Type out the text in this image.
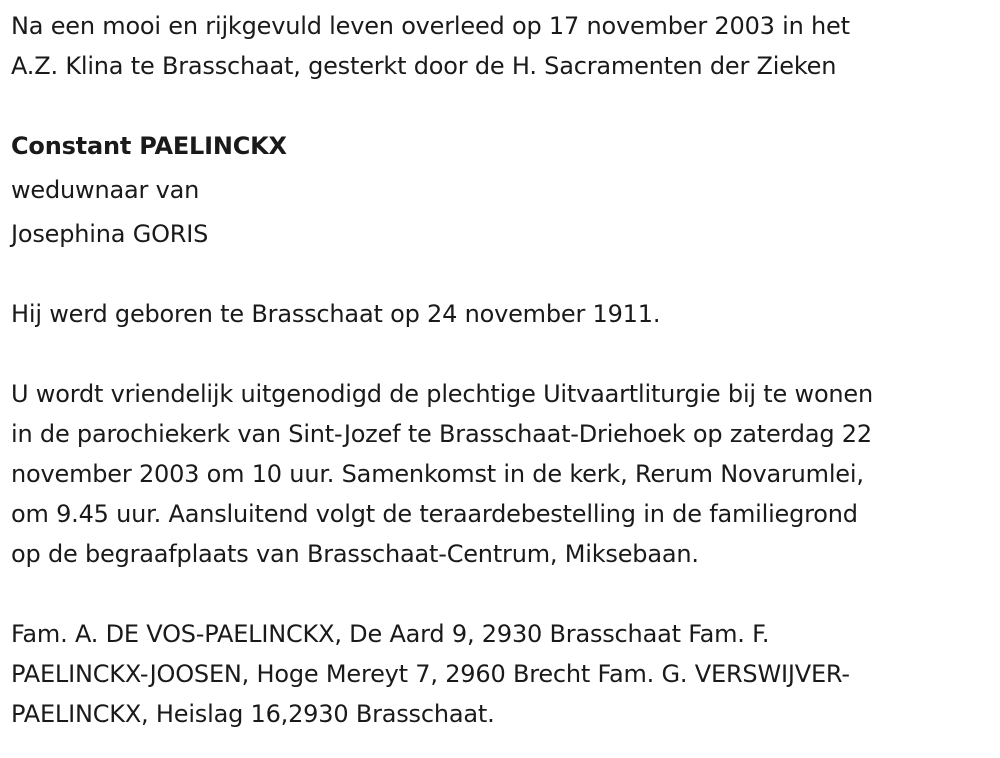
Na een mooi en rijkgevuld leven overleed op 17 november 2003 in het

A.Z. Klina te Brasschaat, gesterkt door de H. Sacramenten der Zieken

Constant PAELINCKX

weduwnaar van

Josephina GORIS

Hij werd geboren te Brasschaat op 24 november 1911.

U wordt vriendelijk uitgenodigd de plechtige Uitvaartliturgie bij te wonen

in de parochiekerk van Sint-Jozef te Brasschaat-Driehoek op zaterdag 22

november 2003 om 10 uur. Samenkomst in de kerk, Rerum Novarumlei,

om 9.45 uur. Aansluitend volgt de teraardebestelling in de familiegrond

op de begraafplaats van Brasschaat-Centrum, Miksebaan.

Fam. A. DE VOS-PAELINCKX, De Aard 9, 2930 Brasschaat Fam. F.

PAELINCKX-JOOSEN, Hoge Mereyt 7, 2960 Brecht Fam. G. VERSWIJVER-

PAELINCKX, Heislag 16,2930 Brasschaat.
